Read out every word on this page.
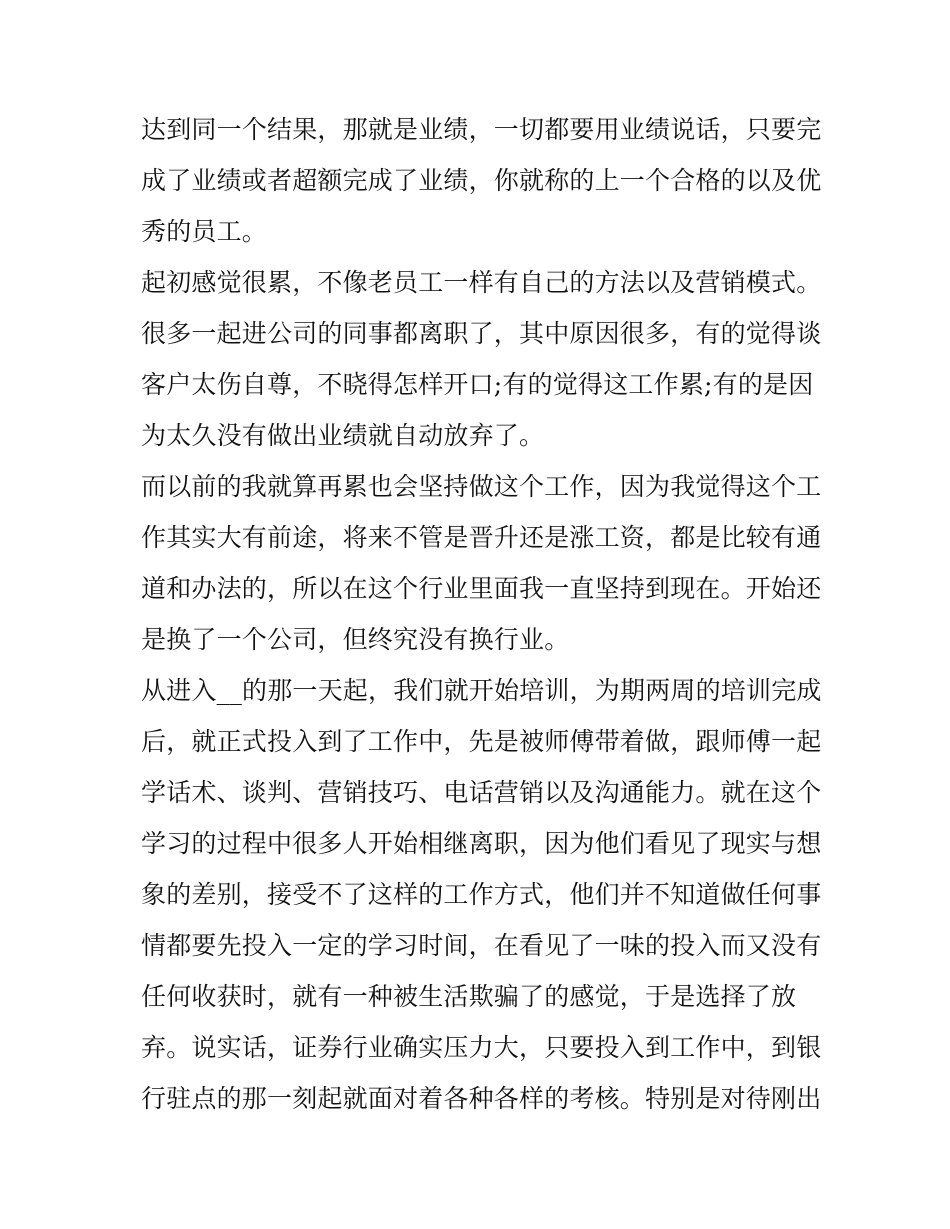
达到同一个结果，那就是业绩，一切都要用业绩说话，只要完
成了业绩或者超额完成了业绩，你就称的上一个合格的以及优
秀的员工。
起初感觉很累，不像老员工一样有自己的方法以及营销模式。
很多一起进公司的同事都离职了，其中原因很多，有的觉得谈
客户太伤自尊，不晓得怎样开口;有的觉得这工作累;有的是因
为太久没有做出业绩就自动放弃了。
而以前的我就算再累也会坚持做这个工作，因为我觉得这个工
作其实大有前途，将来不管是晋升还是涨工资，都是比较有通
道和办法的，所以在这个行业里面我一直坚持到现在。开始还
是换了一个公司，但终究没有换行业。
从进入__的那一天起，我们就开始培训，为期两周的培训完成
后，就正式投入到了工作中，先是被师傅带着做，跟师傅一起
学话术、谈判、营销技巧、电话营销以及沟通能力。就在这个
学习的过程中很多人开始相继离职，因为他们看见了现实与想
象的差别，接受不了这样的工作方式，他们并不知道做任何事
情都要先投入一定的学习时间，在看见了一味的投入而又没有
任何收获时，就有一种被生活欺骗了的感觉，于是选择了放
弃。说实话，证券行业确实压力大，只要投入到工作中，到银
行驻点的那一刻起就面对着各种各样的考核。特别是对待刚出
